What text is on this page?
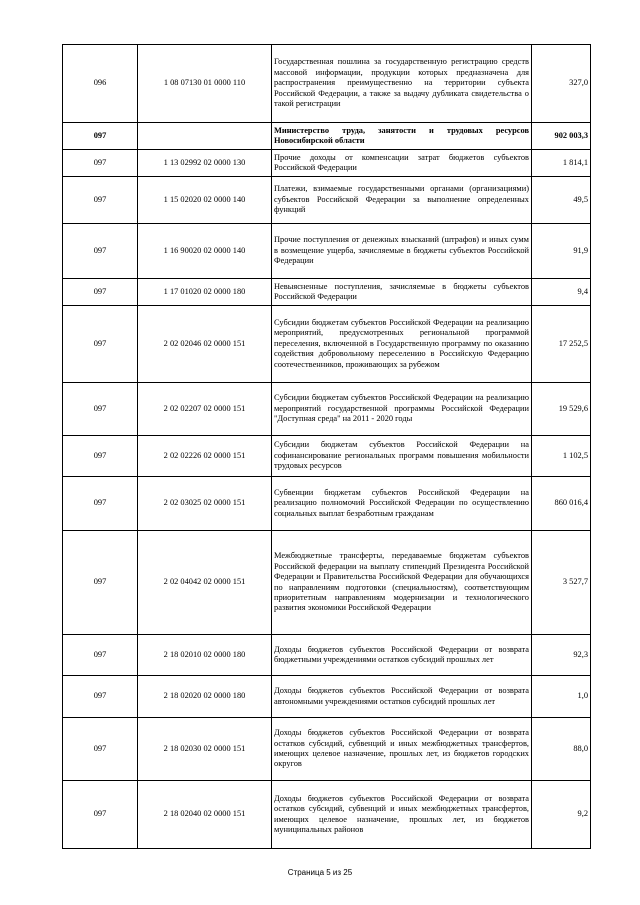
096	1 08 07130 01 0000 110	Государственная пошлина за государственную регистрацию средств массовой информации, продукции которых предназначена для распространения преимущественно на территории субъекта Российской Федерации, а также за выдачу дубликата свидетельства о такой регистрации	327,0
097		Министерство труда, занятости и трудовых ресурсов Новосибирской области	902 003,3
097	1 13 02992 02 0000 130	Прочие доходы от компенсации затрат бюджетов субъектов Российской Федерации	1 814,1
097	1 15 02020 02 0000 140	Платежи, взимаемые государственными органами (организациями) субъектов Российской Федерации за выполнение определенных функций	49,5
097	1 16 90020 02 0000 140	Прочие поступления от денежных взысканий (штрафов) и иных сумм в возмещение ущерба, зачисляемые в бюджеты субъектов Российской Федерации	91,9
097	1 17 01020 02 0000 180	Невыясненные поступления, зачисляемые в бюджеты субъектов Российской Федерации	9,4
097	2 02 02046 02 0000 151	Субсидии бюджетам субъектов Российской Федерации на реализацию мероприятий, предусмотренных региональной программой переселения, включенной в Государственную программу по оказанию содействия добровольному переселению в Российскую Федерацию соотечественников, проживающих за рубежом	17 252,5
097	2 02 02207 02 0000 151	Субсидии бюджетам субъектов Российской Федерации на реализацию мероприятий государственной программы Российской Федерации "Доступная среда" на 2011 - 2020 годы	19 529,6
097	2 02 02226 02 0000 151	Субсидии бюджетам субъектов Российской Федерации на софинансирование региональных программ повышения мобильности трудовых ресурсов	1 102,5
097	2 02 03025 02 0000 151	Субвенции бюджетам субъектов Российской Федерации на реализацию полномочий Российской Федерации по осуществлению социальных выплат безработным гражданам	860 016,4
097	2 02 04042 02 0000 151	Межбюджетные трансферты, передаваемые бюджетам субъектов Российской федерации на выплату стипендий Президента Российской Федерации и Правительства Российской Федерации для обучающихся по направлениям подготовки (специальностям), соответствующим приоритетным направлениям модернизации и технологического развития экономики Российской Федерации	3 527,7
097	2 18 02010 02 0000 180	Доходы бюджетов субъектов Российской Федерации от возврата бюджетными учреждениями остатков субсидий прошлых лет	92,3
097	2 18 02020 02 0000 180	Доходы бюджетов субъектов Российской Федерации от возврата автономными учреждениями остатков субсидий прошлых лет	1,0
097	2 18 02030 02 0000 151	Доходы бюджетов субъектов Российской Федерации от возврата остатков субсидий, субвенций и иных межбюджетных трансфертов, имеющих целевое назначение, прошлых лет, из бюджетов городских округов	88,0
097	2 18 02040 02 0000 151	Доходы бюджетов субъектов Российской Федерации от возврата остатков субсидий, субвенций и иных межбюджетных трансфертов, имеющих целевое назначение, прошлых лет, из бюджетов муниципальных районов	9,2
Страница 5 из 25
